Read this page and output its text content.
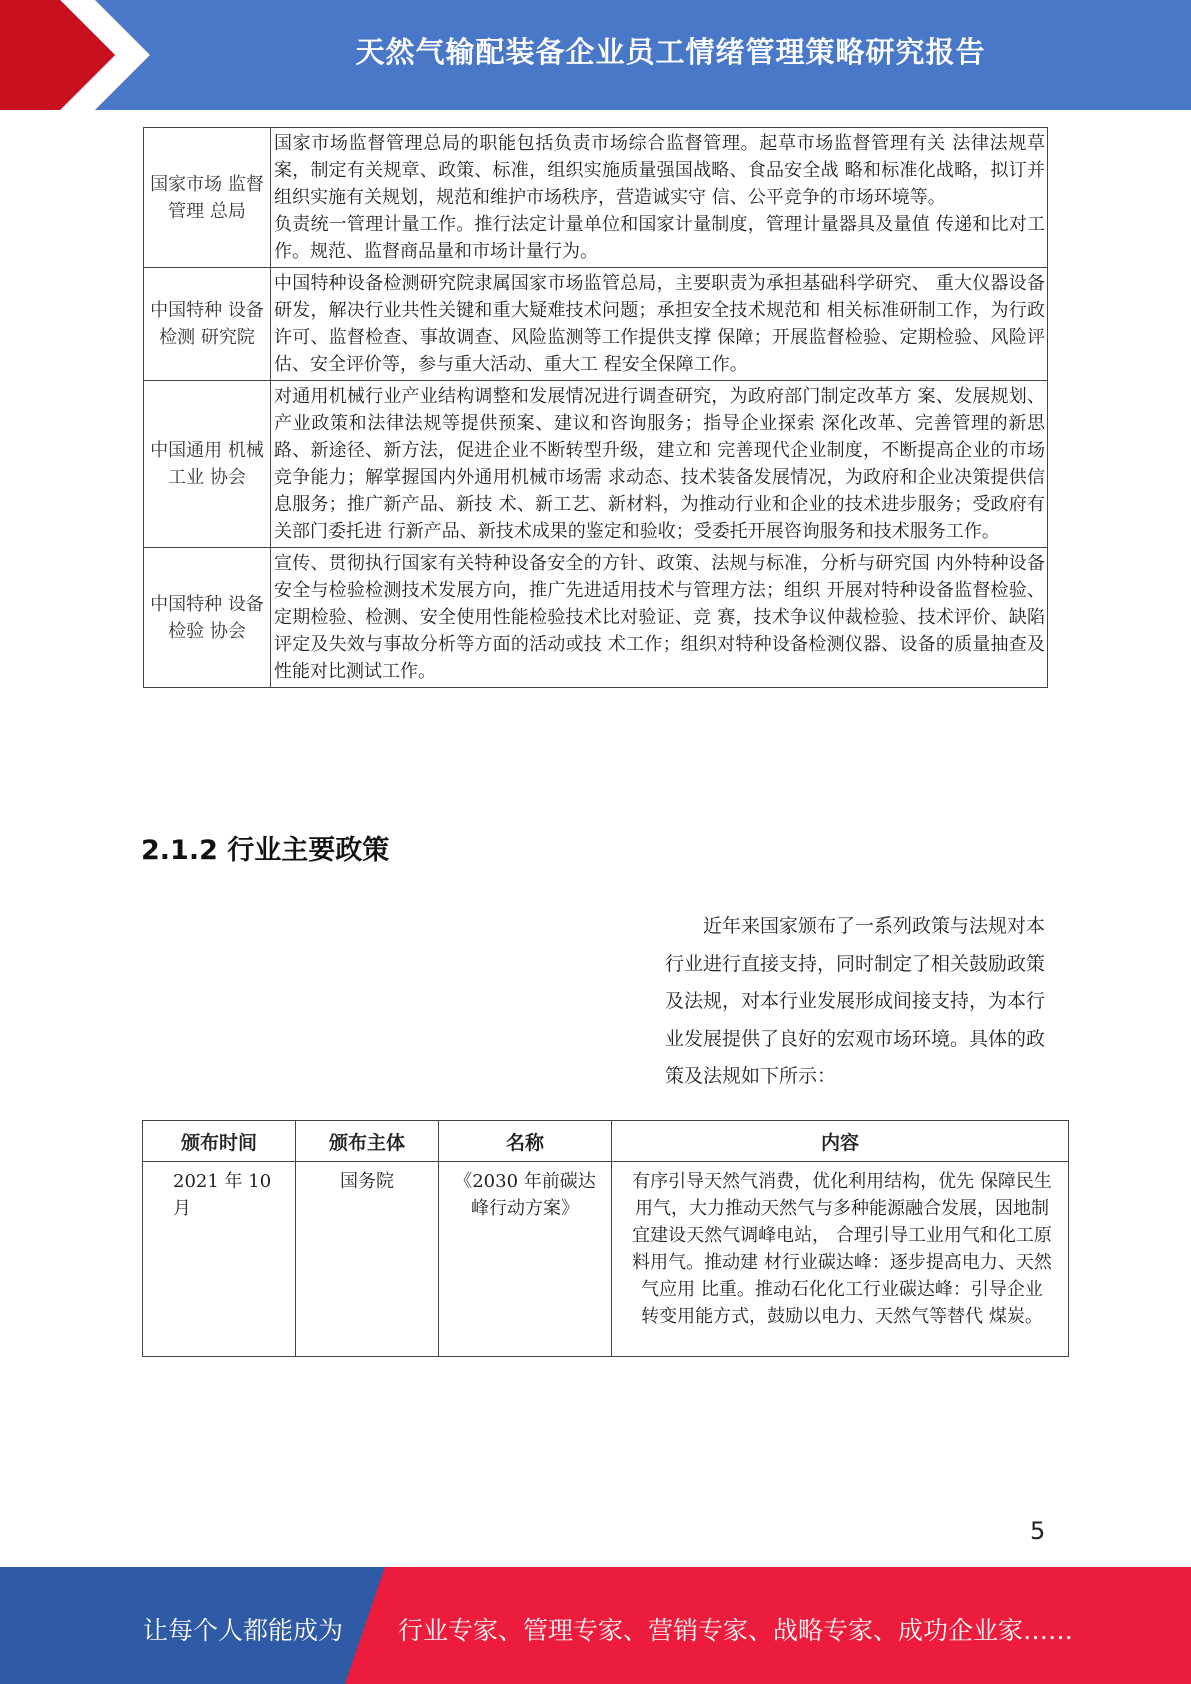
天然气输配装备企业员工情绪管理策略研究报告
国家市场 监督管理 总局	国家市场监督管理总局的职能包括负责市场综合监督管理。起草市场监督管理有关 法律法规草案，制定有关规章、政策、标准，组织实施质量强国战略、食品安全战 略和标准化战略，拟订并组织实施有关规划，规范和维护市场秩序，营造诚实守 信、公平竞争的市场环境等。
负责统一管理计量工作。推行法定计量单位和国家计量制度，管理计量器具及量值 传递和比对工作。规范、监督商品量和市场计量行为。

中国特种 设备检测 研究院	中国特种设备检测研究院隶属国家市场监管总局，主要职责为承担基础科学研究、 重大仪器设备研发，解决行业共性关键和重大疑难技术问题；承担安全技术规范和 相关标准研制工作，为行政许可、监督检查、事故调查、风险监测等工作提供支撑 保障；开展监督检验、定期检验、风险评估、安全评价等，参与重大活动、重大工 程安全保障工作。
中国通用 机械工业 协会	对通用机械行业产业结构调整和发展情况进行调查研究，为政府部门制定改革方 案、发展规划、产业政策和法律法规等提供预案、建议和咨询服务；指导企业探索 深化改革、完善管理的新思路、新途径、新方法，促进企业不断转型升级，建立和 完善现代企业制度，不断提高企业的市场竞争能力；解掌握国内外通用机械市场需 求动态、技术装备发展情况，为政府和企业决策提供信息服务；推广新产品、新技 术、新工艺、新材料，为推动行业和企业的技术进步服务；受政府有关部门委托进 行新产品、新技术成果的鉴定和验收；受委托开展咨询服务和技术服务工作。
中国特种 设备检验 协会	宣传、贯彻执行国家有关特种设备安全的方针、政策、法规与标准，分析与研究国 内外特种设备安全与检验检测技术发展方向，推广先进适用技术与管理方法；组织 开展对特种设备监督检验、定期检验、检测、安全使用性能检验技术比对验证、竞 赛，技术争议仲裁检验、技术评价、缺陷评定及失效与事故分析等方面的活动或技 术工作；组织对特种设备检测仪器、设备的质量抽查及性能对比测试工作。
2.1.2 行业主要政策

近年来国家颁布了一系列政策与法规对本行业进行直接支持，同时制定了相关鼓励政策及法规，对本行业发展形成间接支持，为本行业发展提供了良好的宏观市场环境。具体的政策及法规如下所示：

颁布时间	颁布主体	名称	内容
2021 年 10 月	国务院	《2030 年前碳达峰行动方案》	有序引导天然气消费，优化利用结构，优先 保障民生用气，大力推动天然气与多种能源融合发展，因地制宜建设天然气调峰电站， 合理引导工业用气和化工原料用气。推动建 材行业碳达峰：逐步提高电力、天然气应用 比重。推动石化化工行业碳达峰：引导企业 转变用能方式，鼓励以电力、天然气等替代 煤炭。
5
让每个人都能成为 行业专家、管理专家、营销专家、战略专家、成功企业家……
